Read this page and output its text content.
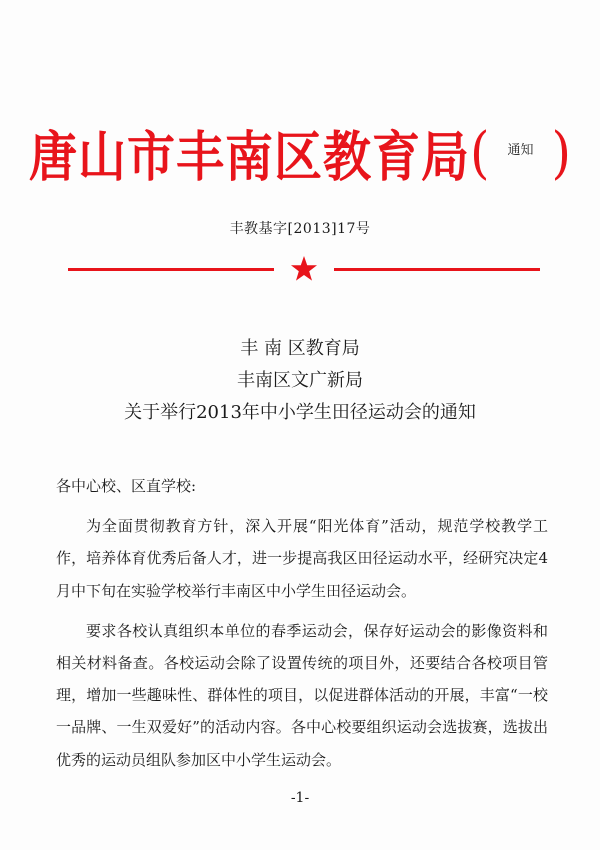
唐山市丰南区教育局( 通知 )
丰教基字[2013]17号
丰 南 区教育局
丰南区文广新局
关于举行2013年中小学生田径运动会的通知

各中心校、区直学校:

为全面贯彻教育方针，深入开展“阳光体育”活动，规范学校教学工作，培养体育优秀后备人才，进一步提高我区田径运动水平，经研究决定4月中下旬在实验学校举行丰南区中小学生田径运动会。

要求各校认真组织本单位的春季运动会，保存好运动会的影像资料和相关材料备查。各校运动会除了设置传统的项目外，还要结合各校项目管理，增加一些趣味性、群体性的项目，以促进群体活动的开展，丰富“一校一品牌、一生双爱好”的活动内容。各中心校要组织运动会选拔赛，选拔出优秀的运动员组队参加区中小学生运动会。

-1-
